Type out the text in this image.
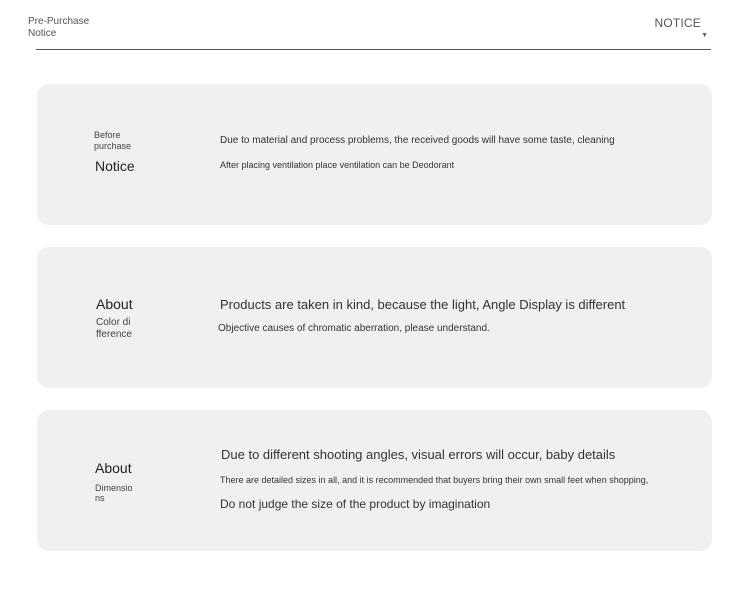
Pre-Purchase
Notice
NOTICE
▼
Before
purchase
Notice
Due to material and process problems, the received goods will have some taste, cleaning
After placing ventilation place ventilation can be Deodorant
About
Color di
fference
Products are taken in kind, because the light, Angle Display is different
Objective causes of chromatic aberration, please understand.
About
Dimensio
ns
Due to different shooting angles, visual errors will occur, baby details
There are detailed sizes in all, and it is recommended that buyers bring their own small feet when shopping,
Do not judge the size of the product by imagination
